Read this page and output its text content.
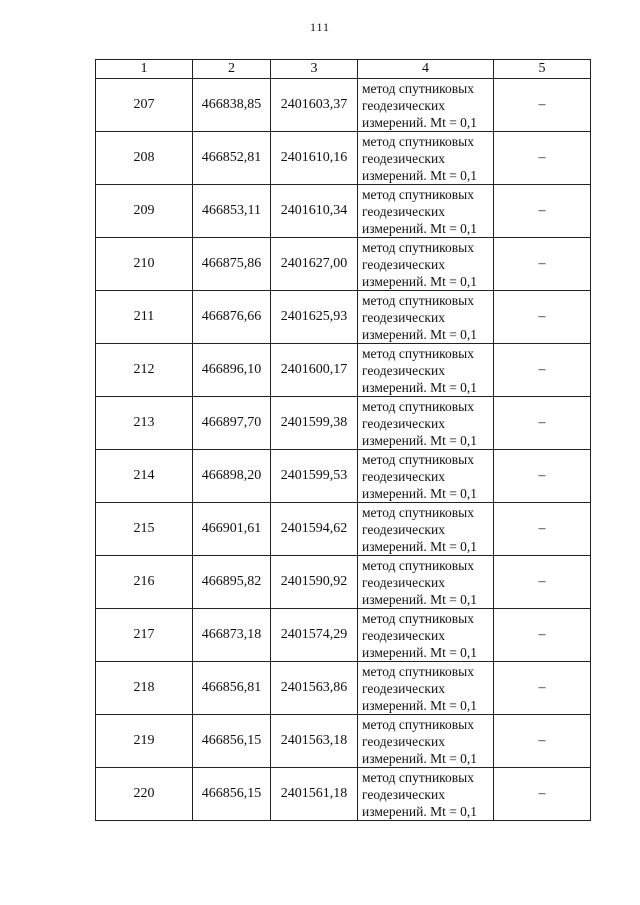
111
1	2	3	4	5
207	466838,85	2401603,37	метод спутниковых
геодезических
измерений. Mt = 0,1	–
208	466852,81	2401610,16	метод спутниковых
геодезических
измерений. Mt = 0,1	–
209	466853,11	2401610,34	метод спутниковых
геодезических
измерений. Mt = 0,1	–
210	466875,86	2401627,00	метод спутниковых
геодезических
измерений. Mt = 0,1	–
211	466876,66	2401625,93	метод спутниковых
геодезических
измерений. Mt = 0,1	–
212	466896,10	2401600,17	метод спутниковых
геодезических
измерений. Mt = 0,1	–
213	466897,70	2401599,38	метод спутниковых
геодезических
измерений. Mt = 0,1	–
214	466898,20	2401599,53	метод спутниковых
геодезических
измерений. Mt = 0,1	–
215	466901,61	2401594,62	метод спутниковых
геодезических
измерений. Mt = 0,1	–
216	466895,82	2401590,92	метод спутниковых
геодезических
измерений. Mt = 0,1	–
217	466873,18	2401574,29	метод спутниковых
геодезических
измерений. Mt = 0,1	–
218	466856,81	2401563,86	метод спутниковых
геодезических
измерений. Mt = 0,1	–
219	466856,15	2401563,18	метод спутниковых
геодезических
измерений. Mt = 0,1	–
220	466856,15	2401561,18	метод спутниковых
геодезических
измерений. Mt = 0,1	–
